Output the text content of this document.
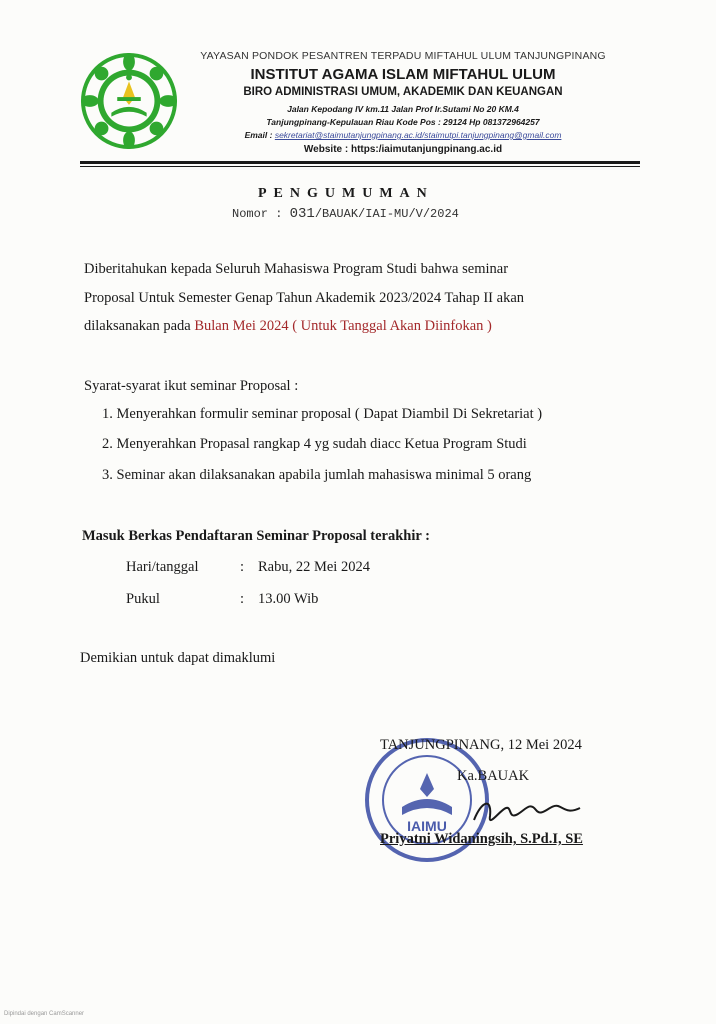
YAYASAN PONDOK PESANTREN TERPADU MIFTAHUL ULUM TANJUNGPINANG
INSTITUT AGAMA ISLAM MIFTAHUL ULUM
BIRO ADMINISTRASI UMUM, AKADEMIK DAN KEUANGAN
Jalan Kepodang IV km.11 Jalan Prof Ir.Sutami No 20 KM.4
Tanjungpinang-Kepulauan Riau Kode Pos : 29124 Hp 081372964257
Email : sekretariat@staimutanjungpinang.ac.id/staimutpi.tanjungpinang@gmail.com
Website : https:/iaimutanjungpinang.ac.id
PENGUMUMAN
Nomor : 031/BAUAK/IAI-MU/V/2024
Diberitahukan kepada Seluruh Mahasiswa Program Studi bahwa seminar
Proposal Untuk Semester Genap Tahun Akademik 2023/2024 Tahap II akan
dilaksanakan pada Bulan Mei 2024 ( Untuk Tanggal Akan Diinfokan )
Syarat-syarat ikut seminar Proposal :
1. Menyerahkan formulir seminar proposal ( Dapat Diambil Di Sekretariat )
2. Menyerahkan Propasal rangkap 4 yg sudah diacc Ketua Program Studi
3. Seminar akan dilaksanakan apabila jumlah mahasiswa minimal 5 orang
Masuk Berkas Pendaftaran Seminar Proposal terakhir :
Hari/tanggal	: Rabu, 22 Mei 2024
Pukul	: 13.00 Wib
Demikian untuk dapat dimaklumi
IAIMU
TANJUNGPINANG, 12 Mei 2024
Ka.BAUAK
Priyatni Widaningsih, S.Pd.I, SE
Dipindai dengan CamScanner
